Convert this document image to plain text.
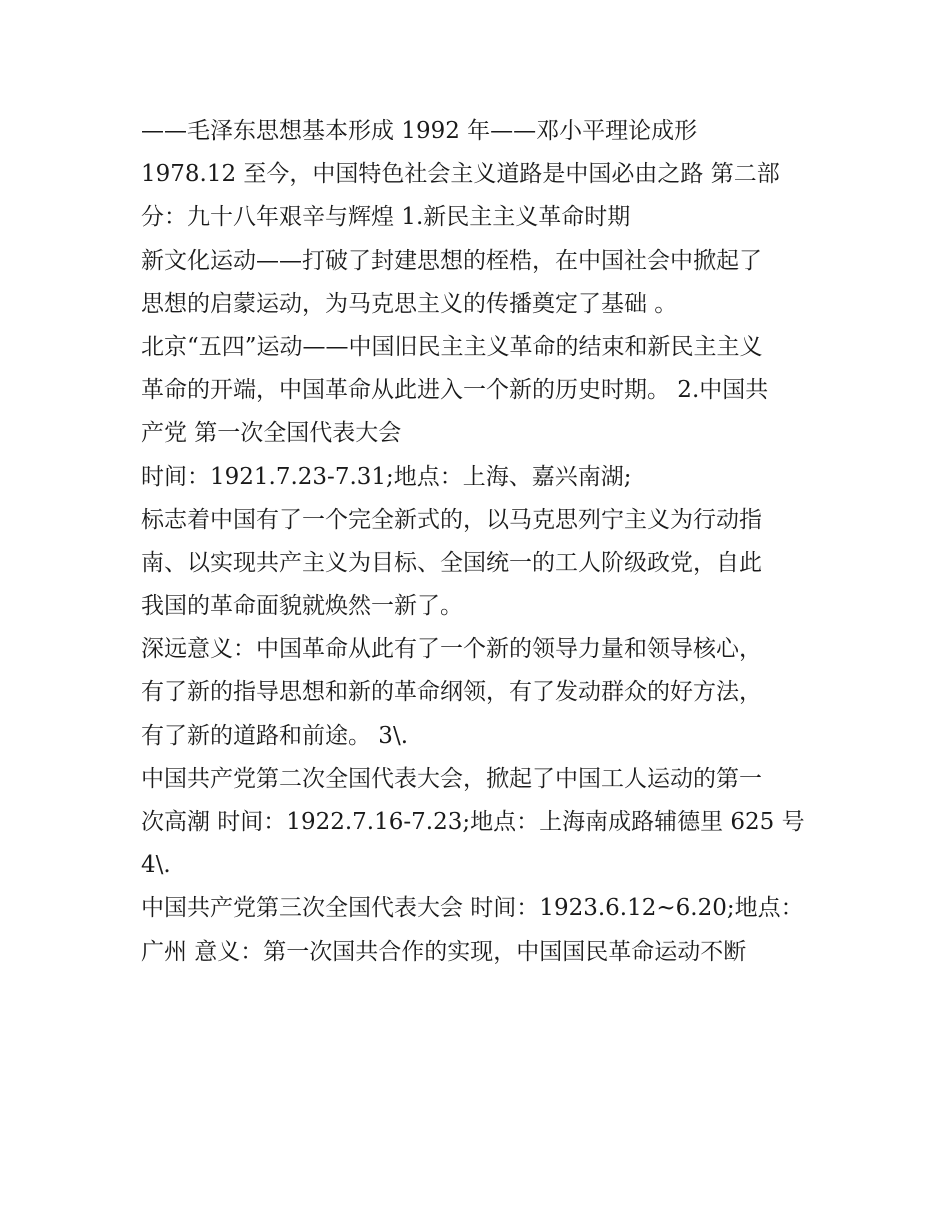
——毛泽东思想基本形成 1992 年——邓小平理论成形
1978.12 至今，中国特色社会主义道路是中国必由之路 第二部
分：九十八年艰辛与辉煌 1.新民主主义革命时期
新文化运动——打破了封建思想的桎梏，在中国社会中掀起了
思想的启蒙运动，为马克思主义的传播奠定了基础 。
北京“五四”运动——中国旧民主主义革命的结束和新民主主义
革命的开端，中国革命从此进入一个新的历史时期。 2.中国共
产党 第一次全国代表大会
时间：1921.7.23-7.31;地点：上海、嘉兴南湖;
标志着中国有了一个完全新式的，以马克思列宁主义为行动指
南、以实现共产主义为目标、全国统一的工人阶级政党，自此
我国的革命面貌就焕然一新了。
深远意义：中国革命从此有了一个新的领导力量和领导核心，
有了新的指导思想和新的革命纲领，有了发动群众的好方法，
有了新的道路和前途。 3\.
中国共产党第二次全国代表大会，掀起了中国工人运动的第一
次高潮 时间：1922.7.16-7.23;地点：上海南成路辅德里 625 号
4\.
中国共产党第三次全国代表大会 时间：1923.6.12~6.20;地点：
广州 意义：第一次国共合作的实现，中国国民革命运动不断
